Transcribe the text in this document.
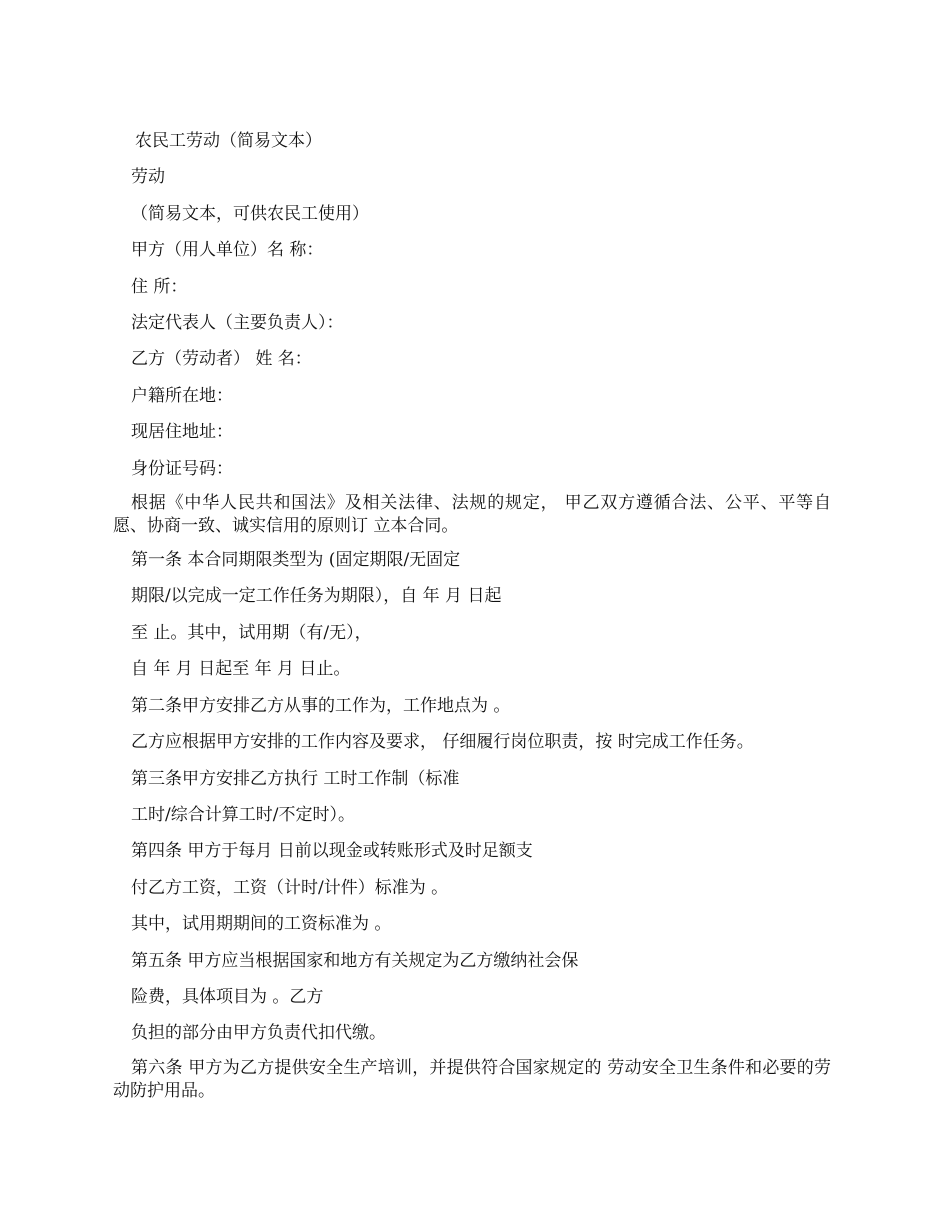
农民工劳动（简易文本）

劳动

（简易文本，可供农民工使用）

甲方（用人单位）名 称：

住 所：

法定代表人（主要负责人）：

乙方（劳动者） 姓 名：

户籍所在地：

现居住地址：

身份证号码：

根据《中华人民共和国法》及相关法律、法规的规定， 甲乙双方遵循合法、公平、平等自愿、协商一致、诚实信用的原则订 立本合同。

第一条 本合同期限类型为 (固定期限/无固定

期限/以完成一定工作任务为期限），自 年 月 日起

至 止。其中，试用期（有/无），

自 年 月 日起至 年 月 日止。

第二条甲方安排乙方从事的工作为，工作地点为 。

乙方应根据甲方安排的工作内容及要求， 仔细履行岗位职责，按 时完成工作任务。

第三条甲方安排乙方执行 工时工作制（标准

工时/综合计算工时/不定时）。

第四条 甲方于每月 日前以现金或转账形式及时足额支

付乙方工资，工资（计时/计件）标准为 。

其中，试用期期间的工资标准为 。

第五条 甲方应当根据国家和地方有关规定为乙方缴纳社会保

险费，具体项目为 。乙方

负担的部分由甲方负责代扣代缴。

第六条 甲方为乙方提供安全生产培训，并提供符合国家规定的 劳动安全卫生条件和必要的劳动防护用品。
